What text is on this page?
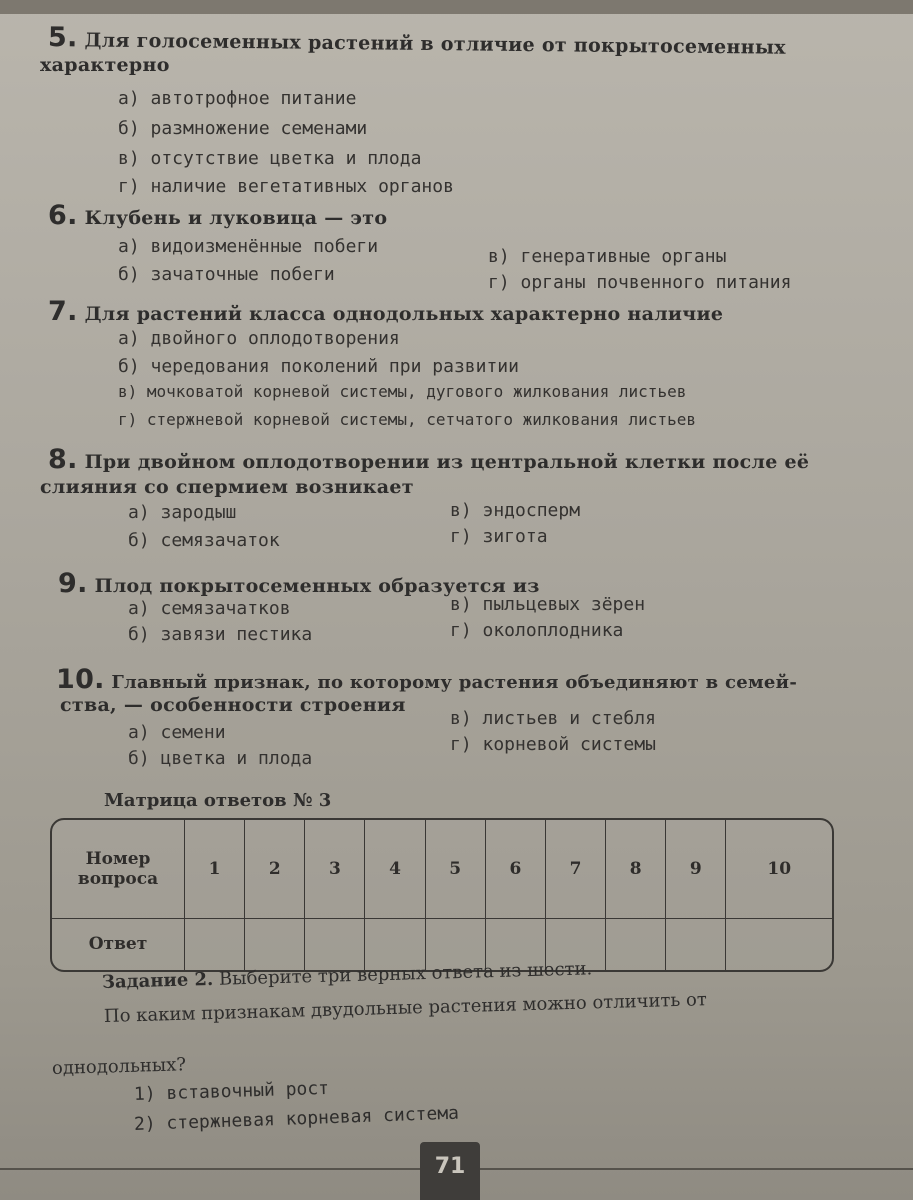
5. Для голосеменных растений в отличие от покрытосеменных
характерно
а) автотрофное питание
б) размножение семенами
в) отсутствие цветка и плода
г) наличие вегетативных органов
6. Клубень и луковица — это
а) видоизменённые побеги
б) зачаточные побеги
в) генеративные органы
г) органы почвенного питания
7. Для растений класса однодольных характерно наличие
а) двойного оплодотворения
б) чередования поколений при развитии
в) мочковатой корневой системы, дугового жилкования листьев
г) стержневой корневой системы, сетчатого жилкования листьев
8. При двойном оплодотворении из центральной клетки после её
слияния со спермием возникает
а) зародыш
б) семязачаток
в) эндосперм
г) зигота
9. Плод покрытосеменных образуется из
а) семязачатков
б) завязи пестика
в) пыльцевых зёрен
г) околоплодника
10. Главный признак, по которому растения объединяют в семей-
ства, — особенности строения
а) семени
б) цветка и плода
в) листьев и стебля
г) корневой системы
Матрица ответов № 3
Номер вопроса	1	2	3	4	5	6	7	8	9	10
Ответ										
Задание 2. Выберите три верных ответа из шести.
По каким признакам двудольные растения можно отличить от
однодольных?
1) вставочный рост
2) стержневая корневая система
71
